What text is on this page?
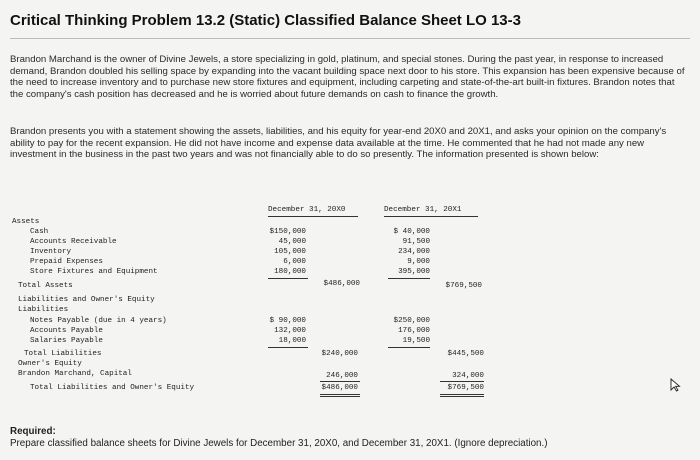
Critical Thinking Problem 13.2 (Static) Classified Balance Sheet LO 13-3
Brandon Marchand is the owner of Divine Jewels, a store specializing in gold, platinum, and special stones. During the past year, in response to increased demand, Brandon doubled his selling space by expanding into the vacant building space next door to his store. This expansion has been expensive because of the need to increase inventory and to purchase new store fixtures and equipment, including carpeting and state-of-the-art built-in fixtures. Brandon notes that the company's cash position has decreased and he is worried about future demands on cash to finance the growth.
Brandon presents you with a statement showing the assets, liabilities, and his equity for year-end 20X0 and 20X1, and asks your opinion on the company's ability to pay for the recent expansion. He did not have income and expense data available at the time. He commented that he had not made any new investment in the business in the past two years and was not financially able to do so presently. The information presented is shown below:
December 31, 20X0	December 31, 20X1
Assets
Cash	$150,000	$ 40,000
Accounts Receivable	45,000	91,500
Inventory	105,000	234,000
Prepaid Expenses	6,000	9,000
Store Fixtures and Equipment	180,000	395,000
Total Assets	$486,000	$769,500
Liabilities and Owner's Equity
Liabilities
Notes Payable (due in 4 years)	$ 90,000	$250,000
Accounts Payable	132,000	176,000
Salaries Payable	18,000	19,500
Total Liabilities	$240,000	$445,500
Owner's Equity
Brandon Marchand, Capital	246,000	324,000
Total Liabilities and Owner's Equity	$486,000	$769,500
Required:
Prepare classified balance sheets for Divine Jewels for December 31, 20X0, and December 31, 20X1. (Ignore depreciation.)
